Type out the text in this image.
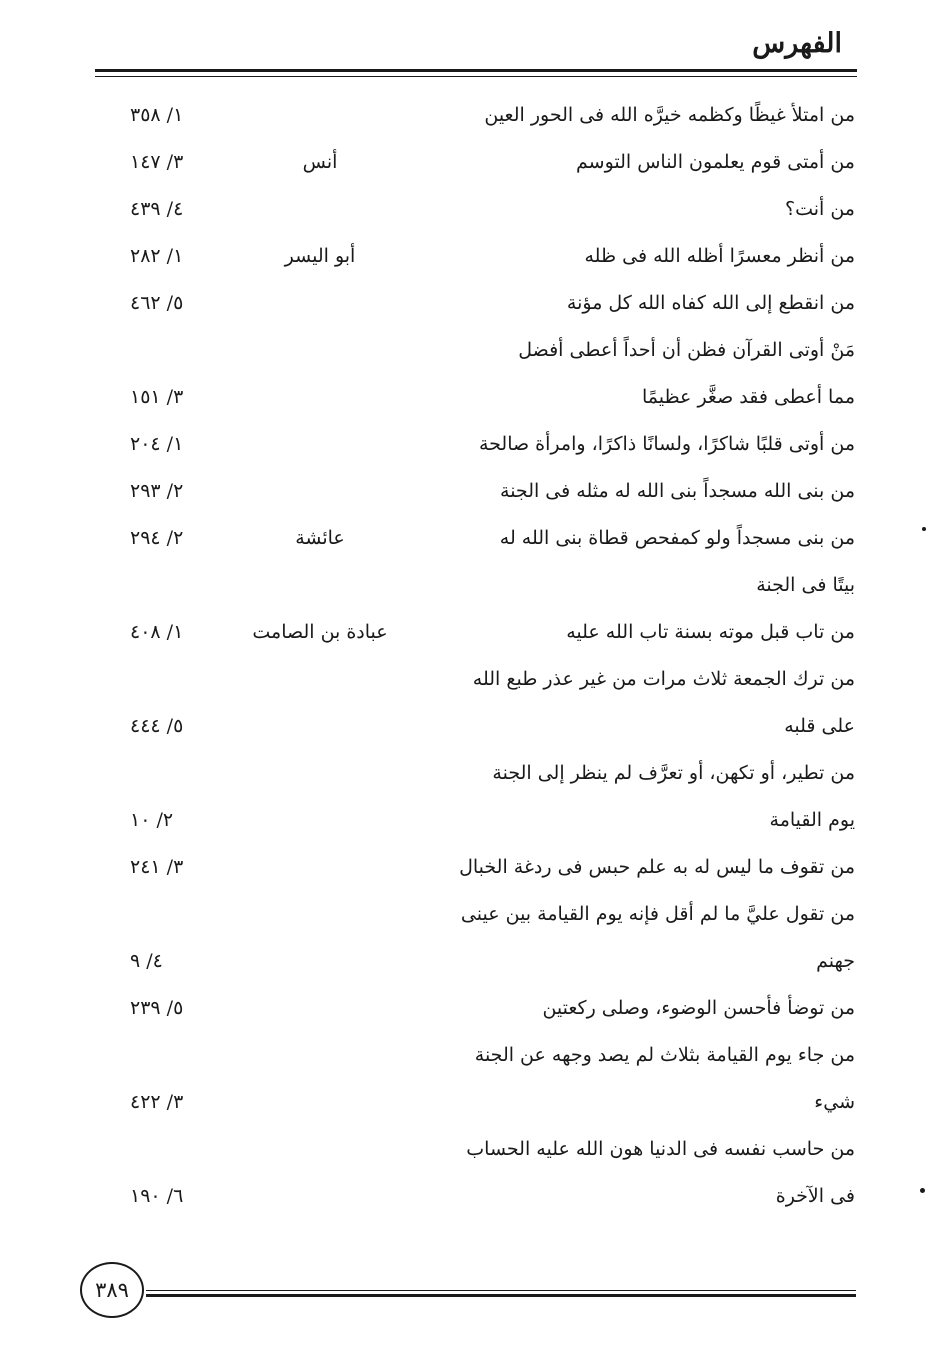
الفهرس
من امتلأ غيظًا وكظمه خيرَّه الله فى الحور العين
١/ ٣٥٨
من أمتى قوم يعلمون الناس التوسم
أنس
٣/ ١٤٧
من أنت؟
٤/ ٤٣٩
من أنظر معسرًا أظله الله فى ظله
أبو اليسر
١/ ٢٨٢
من انقطع إلى الله كفاه الله كل مؤنة
٥/ ٤٦٢
مَنْ أوتى القرآن فظن أن أحداً أعطى أفضل
مما أعطى فقد صغَّر عظيمًا
٣/ ١٥١
من أوتى قلبًا شاكرًا، ولسانًا ذاكرًا، وامرأة صالحة
١/ ٢٠٤
من بنى الله مسجداً بنى الله له مثله فى الجنة
٢/ ٢٩٣
من بنى مسجداً ولو كمفحص قطاة بنى الله له
عائشة
٢/ ٢٩٤
بيتًا فى الجنة
من تاب قبل موته بسنة تاب الله عليه
عبادة بن الصامت
١/ ٤٠٨
من ترك الجمعة ثلاث مرات من غير عذر طبع الله
على قلبه
٥/ ٤٤٤
من تطير، أو تكهن، أو تعرَّف لم ينظر إلى الجنة
يوم القيامة
٢/ ١٠
من تقوف ما ليس له به علم حبس فى ردغة الخبال
٣/ ٢٤١
من تقول عليَّ ما لم أقل فإنه يوم القيامة بين عينى
جهنم
٤/ ٩
من توضأ فأحسن الوضوء، وصلى ركعتين
٥/ ٢٣٩
من جاء يوم القيامة بثلاث لم يصد وجهه عن الجنة
شيء
٣/ ٤٢٢
من حاسب نفسه فى الدنيا هون الله عليه الحساب
فى الآخرة
٦/ ١٩٠
٣٨٩
